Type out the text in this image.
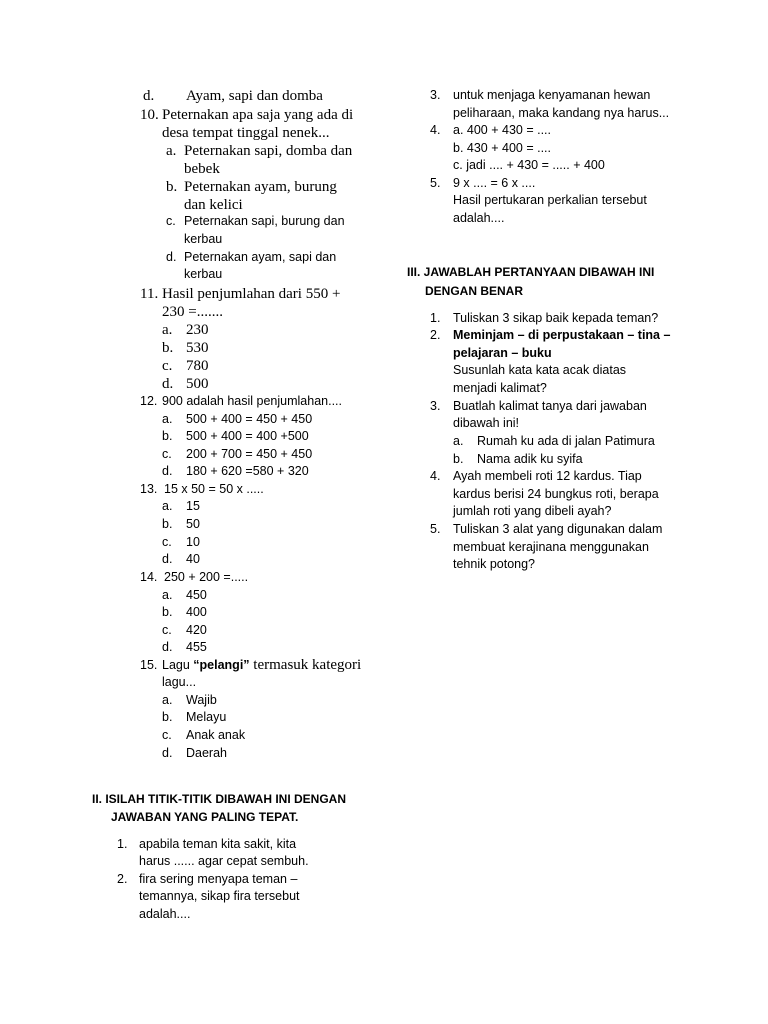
d. Ayam, sapi dan domba
10. Peternakan apa saja yang ada di
desa tempat tinggal nenek...
a. Peternakan sapi, domba dan
bebek
b. Peternakan ayam, burung
dan kelici
c. Peternakan sapi, burung dan
kerbau
d. Peternakan ayam, sapi dan
kerbau
11. Hasil penjumlahan dari 550 +
230 =.......
a. 230
b. 530
c. 780
d. 500
12. 900 adalah hasil penjumlahan....
a. 500 + 400 = 450 + 450
b. 500 + 400 = 400 +500
c. 200 + 700 = 450 + 450
d. 180 + 620 =580 + 320
13. 15 x 50 = 50 x .....
a. 15
b. 50
c. 10
d. 40
14. 250 + 200 =.....
a. 450
b. 400
c. 420
d. 455
15. Lagu “pelangi” termasuk kategori
lagu...
a. Wajib
b. Melayu
c. Anak anak
d. Daerah
II. ISILAH TITIK-TITIK DIBAWAH INI DENGAN
JAWABAN YANG PALING TEPAT.
1. apabila teman kita sakit, kita
harus ...... agar cepat sembuh.
2. fira sering menyapa teman –
temannya, sikap fira tersebut
adalah....
3. untuk menjaga kenyamanan hewan
peliharaan, maka kandang nya harus...
4. a. 400 + 430 = ....
b. 430 + 400 = ....
c. jadi .... + 430 = ..... + 400
5. 9 x .... = 6 x ....
Hasil pertukaran perkalian tersebut
adalah....
III. JAWABLAH PERTANYAAN DIBAWAH INI
DENGAN BENAR
1. Tuliskan 3 sikap baik kepada teman?
2. Meminjam – di perpustakaan – tina –
pelajaran – buku
Susunlah kata kata acak diatas
menjadi kalimat?
3. Buatlah kalimat tanya dari jawaban
dibawah ini!
a. Rumah ku ada di jalan Patimura
b. Nama adik ku syifa
4. Ayah membeli roti 12 kardus. Tiap
kardus berisi 24 bungkus roti, berapa
jumlah roti yang dibeli ayah?
5. Tuliskan 3 alat yang digunakan dalam
membuat kerajinana menggunakan
tehnik potong?
